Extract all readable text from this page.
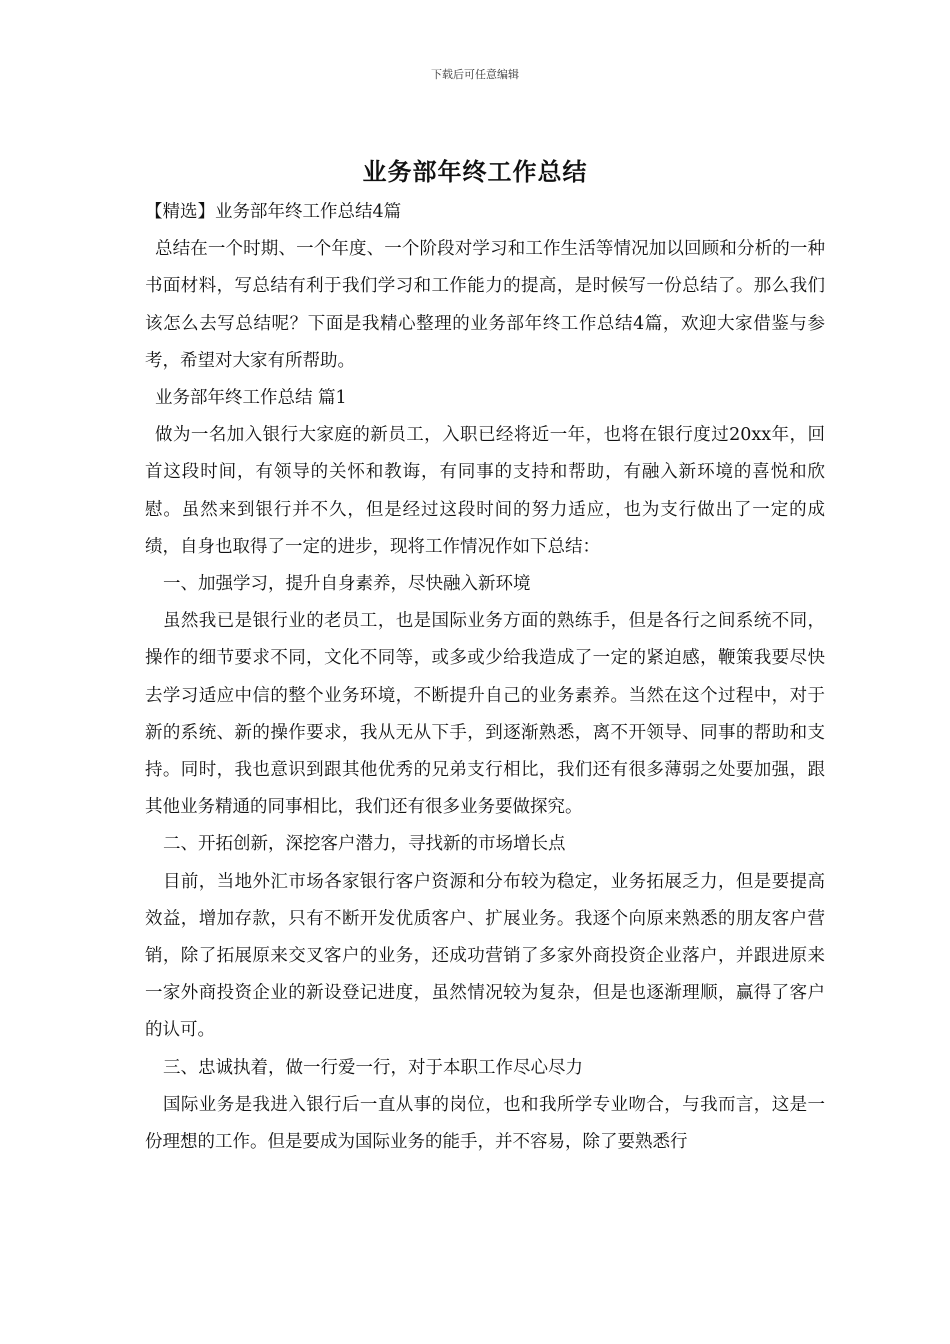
下载后可任意编辑
业务部年终工作总结

【精选】业务部年终工作总结4篇

总结在一个时期、一个年度、一个阶段对学习和工作生活等情况加以回顾和分析的一种书面材料，写总结有利于我们学习和工作能力的提高，是时候写一份总结了。那么我们该怎么去写总结呢？下面是我精心整理的业务部年终工作总结4篇，欢迎大家借鉴与参考，希望对大家有所帮助。

业务部年终工作总结 篇1

做为一名加入银行大家庭的新员工，入职已经将近一年，也将在银行度过20xx年，回首这段时间，有领导的关怀和教诲，有同事的支持和帮助，有融入新环境的喜悦和欣慰。虽然来到银行并不久，但是经过这段时间的努力适应，也为支行做出了一定的成绩，自身也取得了一定的进步，现将工作情况作如下总结：

一、加强学习，提升自身素养，尽快融入新环境

虽然我已是银行业的老员工，也是国际业务方面的熟练手，但是各行之间系统不同，操作的细节要求不同，文化不同等，或多或少给我造成了一定的紧迫感，鞭策我要尽快去学习适应中信的整个业务环境，不断提升自己的业务素养。当然在这个过程中，对于新的系统、新的操作要求，我从无从下手，到逐渐熟悉，离不开领导、同事的帮助和支持。同时，我也意识到跟其他优秀的兄弟支行相比，我们还有很多薄弱之处要加强，跟其他业务精通的同事相比，我们还有很多业务要做探究。

二、开拓创新，深挖客户潜力，寻找新的市场增长点

目前，当地外汇市场各家银行客户资源和分布较为稳定，业务拓展乏力，但是要提高效益，增加存款，只有不断开发优质客户、扩展业务。我逐个向原来熟悉的朋友客户营销，除了拓展原来交叉客户的业务，还成功营销了多家外商投资企业落户，并跟进原来一家外商投资企业的新设登记进度，虽然情况较为复杂，但是也逐渐理顺，赢得了客户的认可。

三、忠诚执着，做一行爱一行，对于本职工作尽心尽力

国际业务是我进入银行后一直从事的岗位，也和我所学专业吻合，与我而言，这是一份理想的工作。但是要成为国际业务的能手，并不容易，除了要熟悉行
